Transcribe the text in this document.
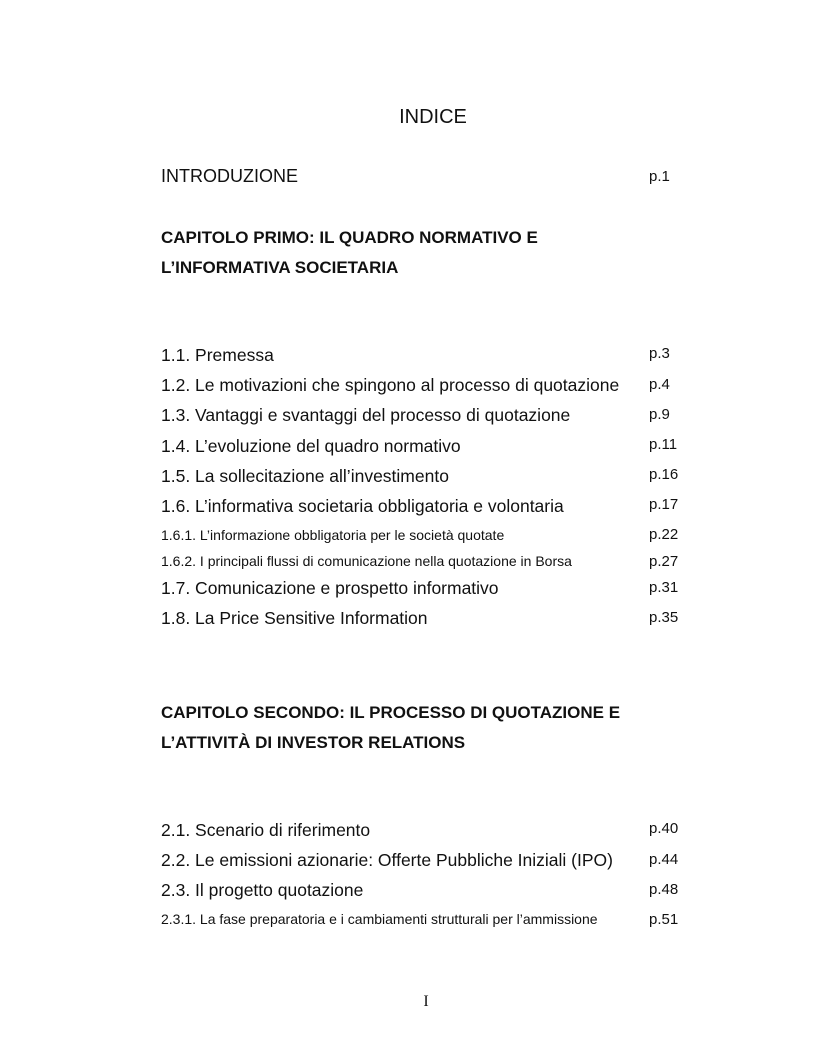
INDICE
INTRODUZIONE	p.1
CAPITOLO PRIMO: IL QUADRO NORMATIVO E
L’INFORMATIVA SOCIETARIA
1.1. Premessa	p.3
1.2. Le motivazioni che spingono al processo di quotazione p.4
1.3. Vantaggi e svantaggi del processo di quotazione	p.9
1.4. L’evoluzione del quadro normativo	p.11
1.5. La sollecitazione all’investimento	p.16
1.6. L’informativa societaria obbligatoria e volontaria	p.17
1.6.1. L’informazione obbligatoria per le società quotate	p.22
1.6.2. I principali flussi di comunicazione nella quotazione in Borsa	p.27
1.7. Comunicazione e prospetto informativo	p.31
1.8. La Price Sensitive Information	p.35
CAPITOLO SECONDO: IL PROCESSO DI QUOTAZIONE E
L’ATTIVITÀ DI INVESTOR RELATIONS
2.1. Scenario di riferimento	p.40
2.2. Le emissioni azionarie: Offerte Pubbliche Iniziali (IPO) p.44
2.3. Il progetto quotazione	p.48
2.3.1. La fase preparatoria e i cambiamenti strutturali per l’ammissione	p.51
I
